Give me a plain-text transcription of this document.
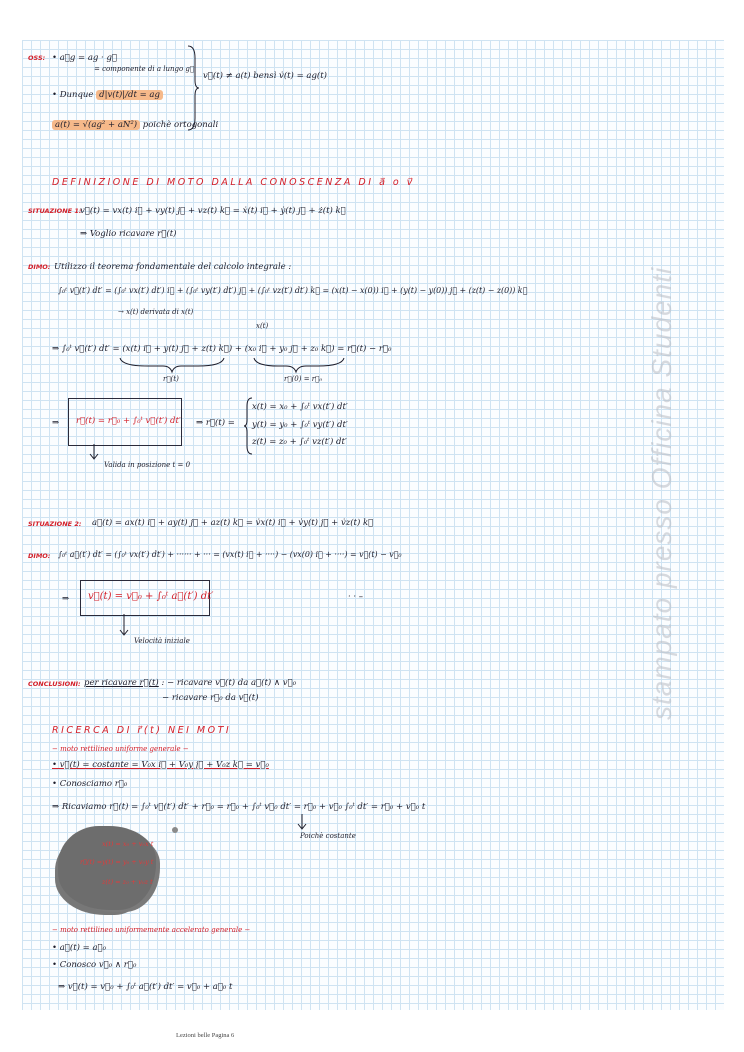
OSS: • a⃗g = ag · g⃗
= componente di a lungo g⃗
• Dunque d|v(t)|/dt = ag
a(t) = √(ag² + aN²) poichè ortogonali
v⃗(t) ≠ a(t) bensì v̇(t) = ag(t)
DEFINIZIONE DI MOTO DALLA CONOSCENZA DI a⃗ o v⃗
SITUAZIONE 1:
v⃗(t) = vx(t) i⃗ + vy(t) j⃗ + vz(t) k⃗ = ẋ(t) i⃗ + ẏ(t) j⃗ + ż(t) k⃗
⇒ Voglio ricavare r⃗(t)
DIMO: Utilizzo il teorema fondamentale del calcolo integrale :
∫₀ᵗ v⃗(t′) dt′ = (∫₀ᵗ vx(t′) dt′) i⃗ + (∫₀ᵗ vy(t′) dt′) j⃗ + (∫₀ᵗ vz(t′) dt′) k⃗ = (x(t) − x(0)) i⃗ + (y(t) − y(0)) j⃗ + (z(t) − z(0)) k⃗
→ x(t) derivata di x(t)
x(t)
⇒ ∫₀ᵗ v⃗(t′) dt′ = (x(t) i⃗ + y(t) j⃗ + z(t) k⃗) + (x₀ i⃗ + y₀ j⃗ + z₀ k⃗) = r⃗(t) − r⃗₀
r⃗(t)	r⃗(0) = r⃗₀
⇒ r⃗(t) = r⃗₀ + ∫₀ᵗ v⃗(t′) dt′
Valida in posizione t = 0
⇒ r⃗(t) =
x(t) = x₀ + ∫₀ᵗ vx(t′) dt′
y(t) = y₀ + ∫₀ᵗ vy(t′) dt′
z(t) = z₀ + ∫₀ᵗ vz(t′) dt′
SITUAZIONE 2: a⃗(t) = ax(t) i⃗ + ay(t) j⃗ + az(t) k⃗ = v̇x(t) i⃗ + v̇y(t) j⃗ + v̇z(t) k⃗
DIMO: ∫₀ᵗ a⃗(t′) dt′ = (∫₀ᵗ vx(t′) dt′) + ······ + ··· = (vx(t) i⃗ + ····) − (vx(0) i⃗ + ····) = v⃗(t) − v⃗₀
⇒ v⃗(t) = v⃗₀ + ∫₀ᵗ a⃗(t′) dt′	· · –
Velocità iniziale
CONCLUSIONI: per ricavare r⃗(t) : − ricavare v⃗(t) da a⃗(t) ∧ v⃗₀
− ricavare r⃗₀ da v⃗(t)
RICERCA DI r⃗(t) NEI MOTI
− moto rettilineo uniforme generale −
• v⃗(t) = costante = V₀x i⃗ + V₀y j⃗ + V₀z k⃗ = v⃗₀
• Conosciamo r⃗₀
⇒ Ricaviamo r⃗(t) = ∫₀ᵗ v⃗(t′) dt′ + r⃗₀ = r⃗₀ + ∫₀ᵗ v⃗₀ dt′ = r⃗₀ + v⃗₀ ∫₀ᵗ dt′ = r⃗₀ + v⃗₀ t
Poichè costante
r⃗(t) =
x(t) = x₀ + v₀x t
y(t) = y₀ + v₀y t
z(t) = z₀ + v₀z t
− moto rettilineo uniformemente accelerato generale −
• a⃗(t) = a⃗₀
• Conosco v⃗₀ ∧ r⃗₀
⇒ v⃗(t) = v⃗₀ + ∫₀ᵗ a⃗(t′) dt′ = v⃗₀ + a⃗₀ t
stampato presso Officina Studenti
Lezioni belle Pagina 6
